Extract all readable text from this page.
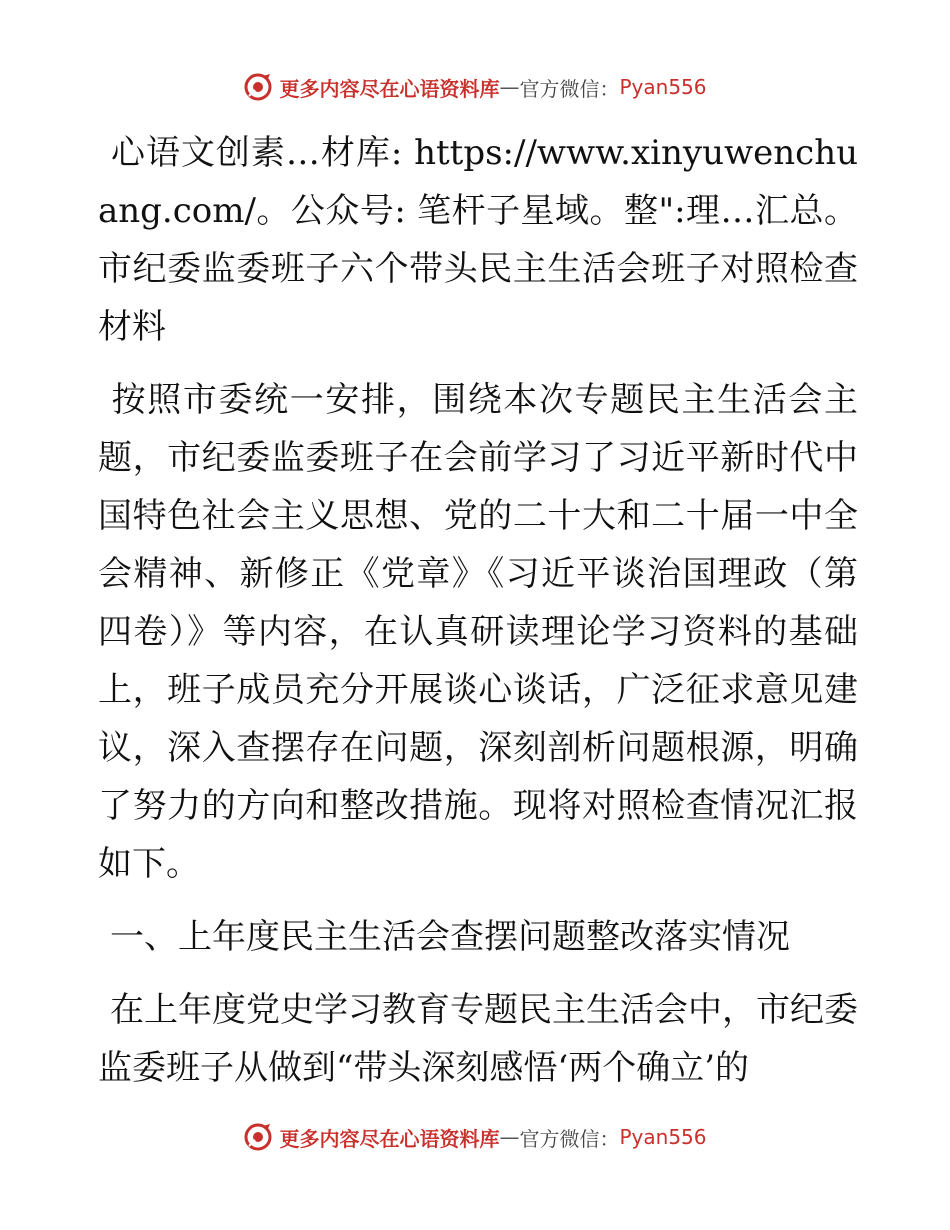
更多内容尽在心语资料库 — 官方微信： Pyan556

心语文创素…材库: https://www.xinyuwenchuang.com/。公众号: 笔杆子星域。整":理…汇总。市纪委监委班子六个带头民主生活会班子对照检查材料

按照市委统一安排，围绕本次专题民主生活会主题，市纪委监委班子在会前学习了习近平新时代中国特色社会主义思想、党的二十大和二十届一中全会精神、新修正《党章》《习近平谈治国理政（第四卷）》等内容，在认真研读理论学习资料的基础上，班子成员充分开展谈心谈话，广泛征求意见建议，深入查摆存在问题，深刻剖析问题根源，明确了努力的方向和整改措施。现将对照检查情况汇报如下。

一、上年度民主生活会查摆问题整改落实情况

在上年度党史学习教育专题民主生活会中，市纪委监委班子从做到“带头深刻感悟‘两个确立’的

更多内容尽在心语资料库 — 官方微信： Pyan556
